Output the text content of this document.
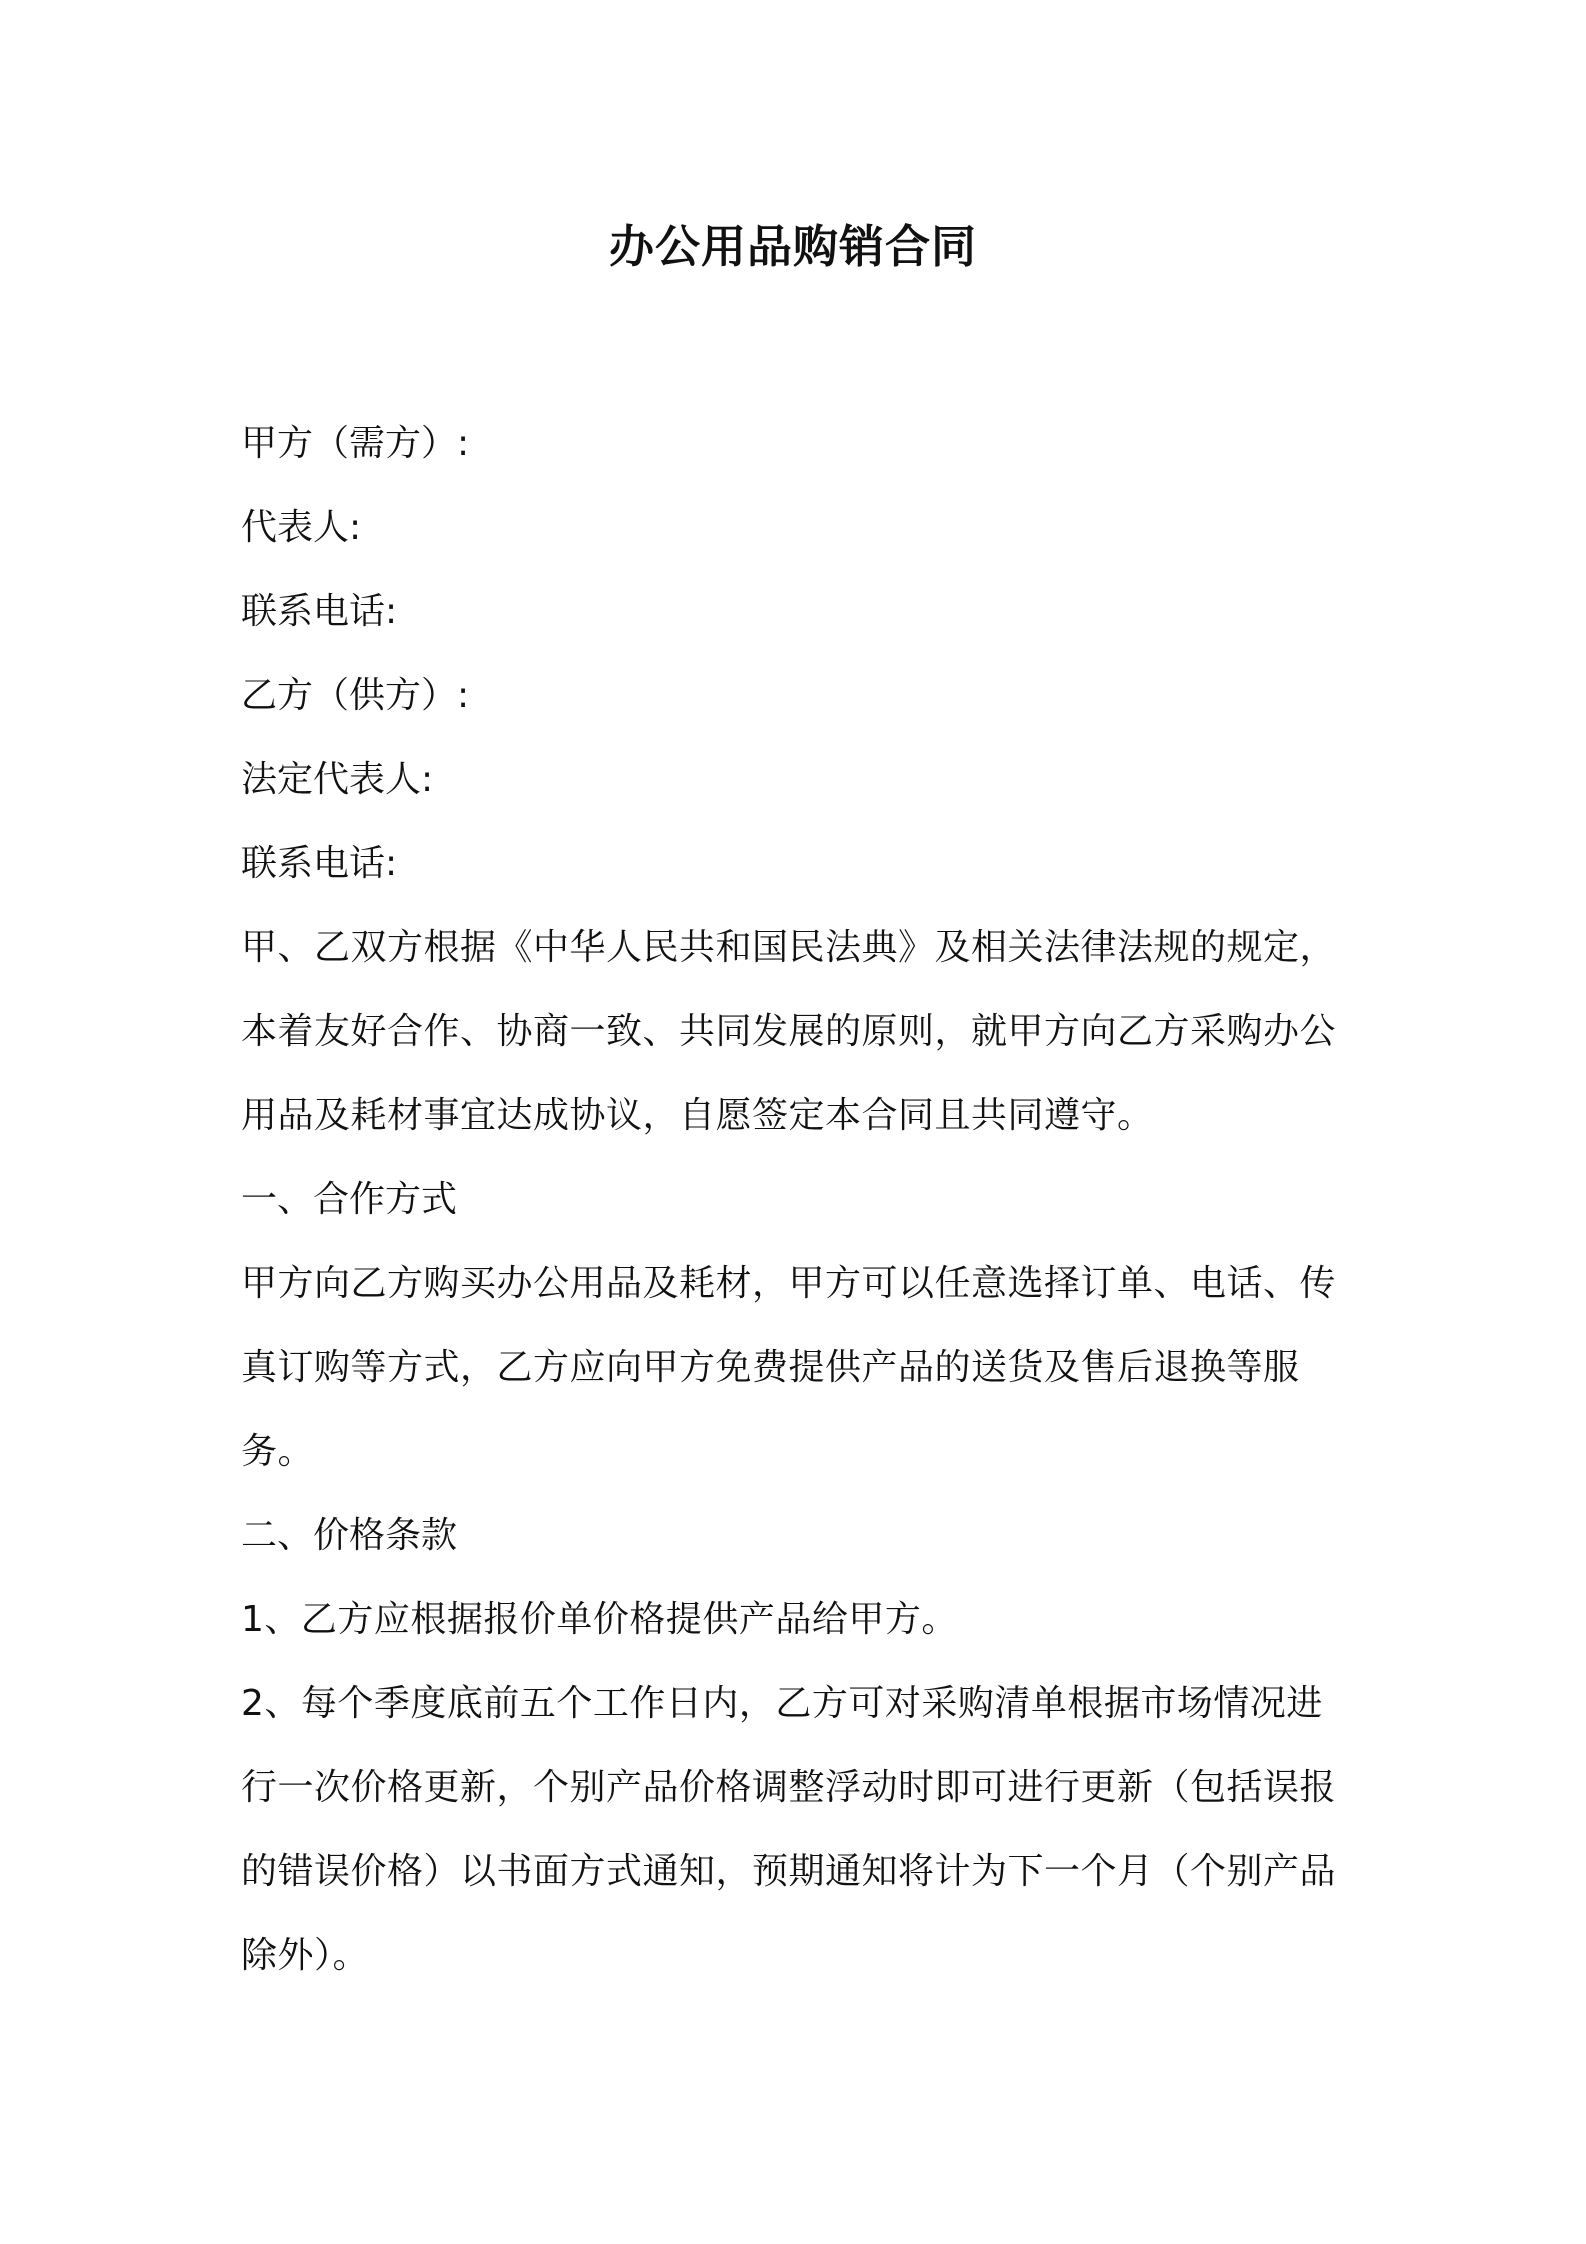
办公用品购销合同
甲方（需方）:
代表人:
联系电话:
乙方（供方）:
法定代表人:
联系电话:
甲、乙双方根据《中华人民共和国民法典》及相关法律法规的规定，
本着友好合作、协商一致、共同发展的原则，就甲方向乙方采购办公
用品及耗材事宜达成协议，自愿签定本合同且共同遵守。
一、合作方式
甲方向乙方购买办公用品及耗材，甲方可以任意选择订单、电话、传
真订购等方式，乙方应向甲方免费提供产品的送货及售后退换等服
务。
二、价格条款
1、乙方应根据报价单价格提供产品给甲方。
2、每个季度底前五个工作日内，乙方可对采购清单根据市场情况进
行一次价格更新，个别产品价格调整浮动时即可进行更新（包括误报
的错误价格）以书面方式通知，预期通知将计为下一个月（个别产品
除外）。
